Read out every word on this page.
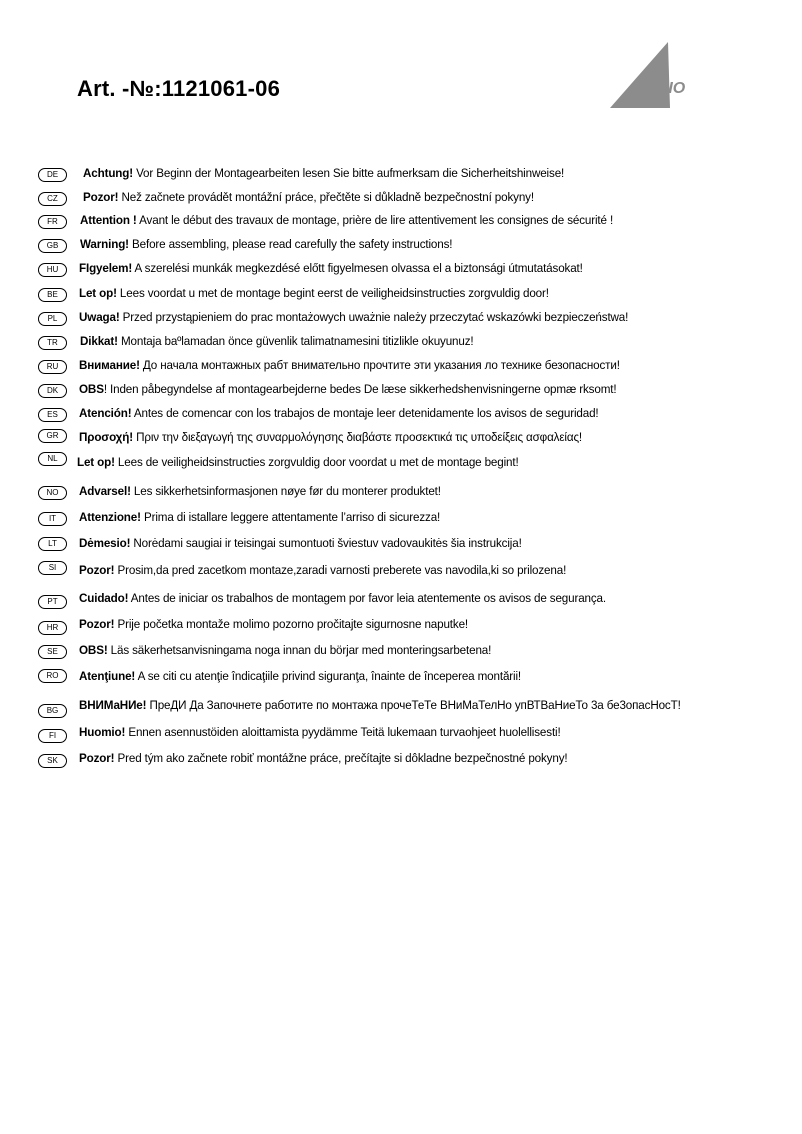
Art. -№:1121061-06	TRIO
DE	Achtung! Vor Beginn der Montagearbeiten lesen Sie bitte aufmerksam die Sicherheitshinweise!
CZ	Pozor! Než začnete provádět montážní práce, přečtěte si důkladně bezpečnostní pokyny!
FR	Attention ! Avant le début des travaux de montage, prière de lire attentivement les consignes de sécurité !
GB	Warning! Before assembling, please read carefully the safety instructions!
HU	FIgyelem! A szerelési munkák megkezdésé előtt figyelmesen olvassa el a biztonsági útmutatásokat!
BE	Let op! Lees voordat u met de montage begint eerst de veiligheidsinstructies zorgvuldig door!
PL	Uwaga! Przed przystąpieniem do prac montażowych uważnie należy przeczytać wskazówki bezpieczeństwa!
TR	Dikkat! Montaja baºlamadan önce güvenlik talimatnamesini titizlikle okuyunuz!
RU	Внимание! До начала монтажных рабт внимательно прочтите эти указания ло технике безопасности!
DK	OBS! Inden påbegyndelse af montagearbejderne bedes De læse sikkerhedshenvisningerne opmæ rksomt!
ES	Atención! Antes de comencar con los trabajos de montaje leer detenidamente los avisos de seguridad!
GR	Προσοχή! Πριν την διεξαγωγή της συναρμολόγησης διαβάστε προσεκτικά τις υποδείξεις ασφαλείας!
NL	Let op! Lees de veiligheidsinstructies zorgvuldig door voordat u met de montage begint!
NO	Advarsel! Les sikkerhetsinformasjonen nøye før du monterer produktet!
IT	Attenzione! Prima di istallare leggere attentamente l’arriso di sicurezza!
LT	Dėmesio! Norėdami saugiai ir teisingai sumontuoti šviestuv vadovaukitės šia instrukcija!
SI	Pozor! Prosim,da pred zacetkom montaze,zaradi varnosti preberete vas navodila,ki so prilozena!
PT	Cuidado! Antes de iniciar os trabalhos de montagem por favor leia atentemente os avisos de segurança.
HR	Pozor! Prije početka montaže molimo pozorno pročitajte sigurnosne naputke!
SE	OBS! Läs säkerhetsanvisningama noga innan du börjar med monteringsarbetena!
RO	Atenţiune! A se citi cu atenţie îndicaţiile privind siguranţa, înainte de începerea montării!
BG	ВНИМаНИе! ПреДИ Да Започнете работите по монтажа прочеТеТе ВНиМаТелНо упВТВаНиеТо 3а бе3опасНосТ!
FI	Huomio! Ennen asennustöiden aloittamista pyydämme Teitä lukemaan turvaohjeet huolellisesti!
SK	Pozor! Pred tým ako začnete robiť montážne práce, prečítajte si dôkladne bezpečnostné pokyny!
